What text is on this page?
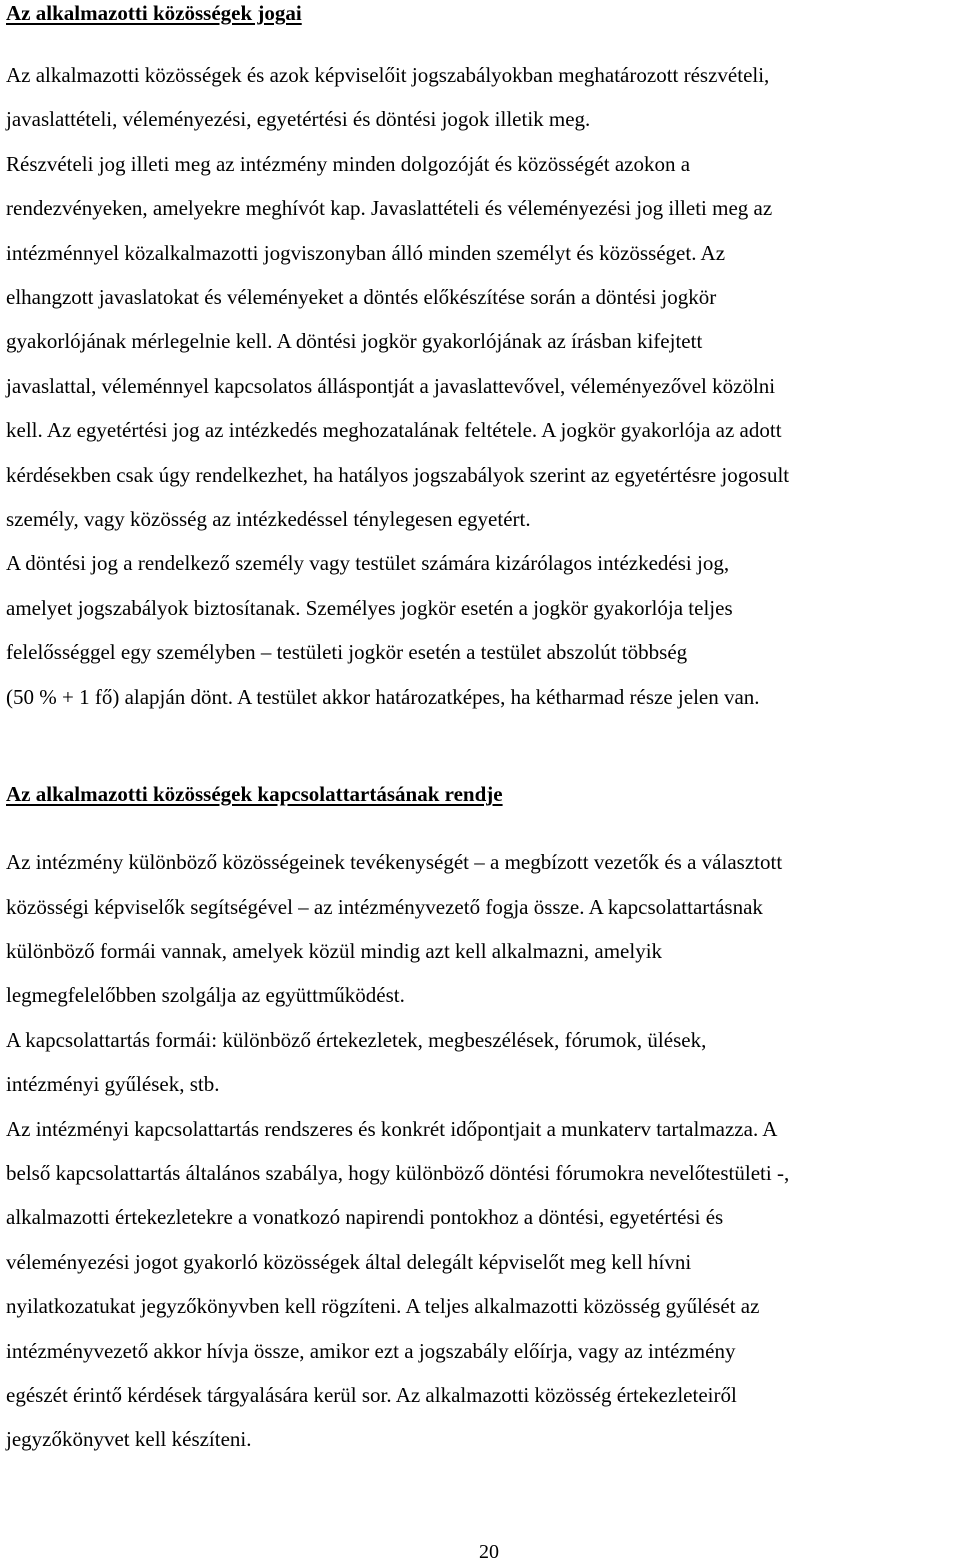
Az alkalmazotti közösségek jogai
Az alkalmazotti közösségek és azok képviselőit jogszabályokban meghatározott részvételi,
javaslattételi, véleményezési, egyetértési és döntési jogok illetik meg.
Részvételi jog illeti meg az intézmény minden dolgozóját és közösségét azokon a
rendezvényeken, amelyekre meghívót kap. Javaslattételi és véleményezési jog illeti meg az
intézménnyel közalkalmazotti jogviszonyban álló minden személyt és közösséget. Az
elhangzott javaslatokat és véleményeket a döntés előkészítése során a döntési jogkör
gyakorlójának mérlegelnie kell. A döntési jogkör gyakorlójának az írásban kifejtett
javaslattal, véleménnyel kapcsolatos álláspontját a javaslattevővel, véleményezővel közölni
kell. Az egyetértési jog az intézkedés meghozatalának feltétele. A jogkör gyakorlója az adott
kérdésekben csak úgy rendelkezhet, ha hatályos jogszabályok szerint az egyetértésre jogosult
személy, vagy közösség az intézkedéssel ténylegesen egyetért.
A döntési jog a rendelkező személy vagy testület számára kizárólagos intézkedési jog,
amelyet jogszabályok biztosítanak. Személyes jogkör esetén a jogkör gyakorlója teljes
felelősséggel egy személyben – testületi jogkör esetén a testület abszolút többség
(50 % + 1 fő) alapján dönt. A testület akkor határozatképes, ha kétharmad része jelen van.
Az alkalmazotti közösségek kapcsolattartásának rendje
Az intézmény különböző közösségeinek tevékenységét – a megbízott vezetők és a választott
közösségi képviselők segítségével – az intézményvezető fogja össze. A kapcsolattartásnak
különböző formái vannak, amelyek közül mindig azt kell alkalmazni, amelyik
legmegfelelőbben szolgálja az együttműködést.
A kapcsolattartás formái: különböző értekezletek, megbeszélések, fórumok, ülések,
intézményi gyűlések, stb.
Az intézményi kapcsolattartás rendszeres és konkrét időpontjait a munkaterv tartalmazza. A
belső kapcsolattartás általános szabálya, hogy különböző döntési fórumokra nevelőtestületi -,
alkalmazotti értekezletekre a vonatkozó napirendi pontokhoz a döntési, egyetértési és
véleményezési jogot gyakorló közösségek által delegált képviselőt meg kell hívni
nyilatkozatukat jegyzőkönyvben kell rögzíteni. A teljes alkalmazotti közösség gyűlését az
intézményvezető akkor hívja össze, amikor ezt a jogszabály előírja, vagy az intézmény
egészét érintő kérdések tárgyalására kerül sor. Az alkalmazotti közösség értekezleteiről
jegyzőkönyvet kell készíteni.
20
